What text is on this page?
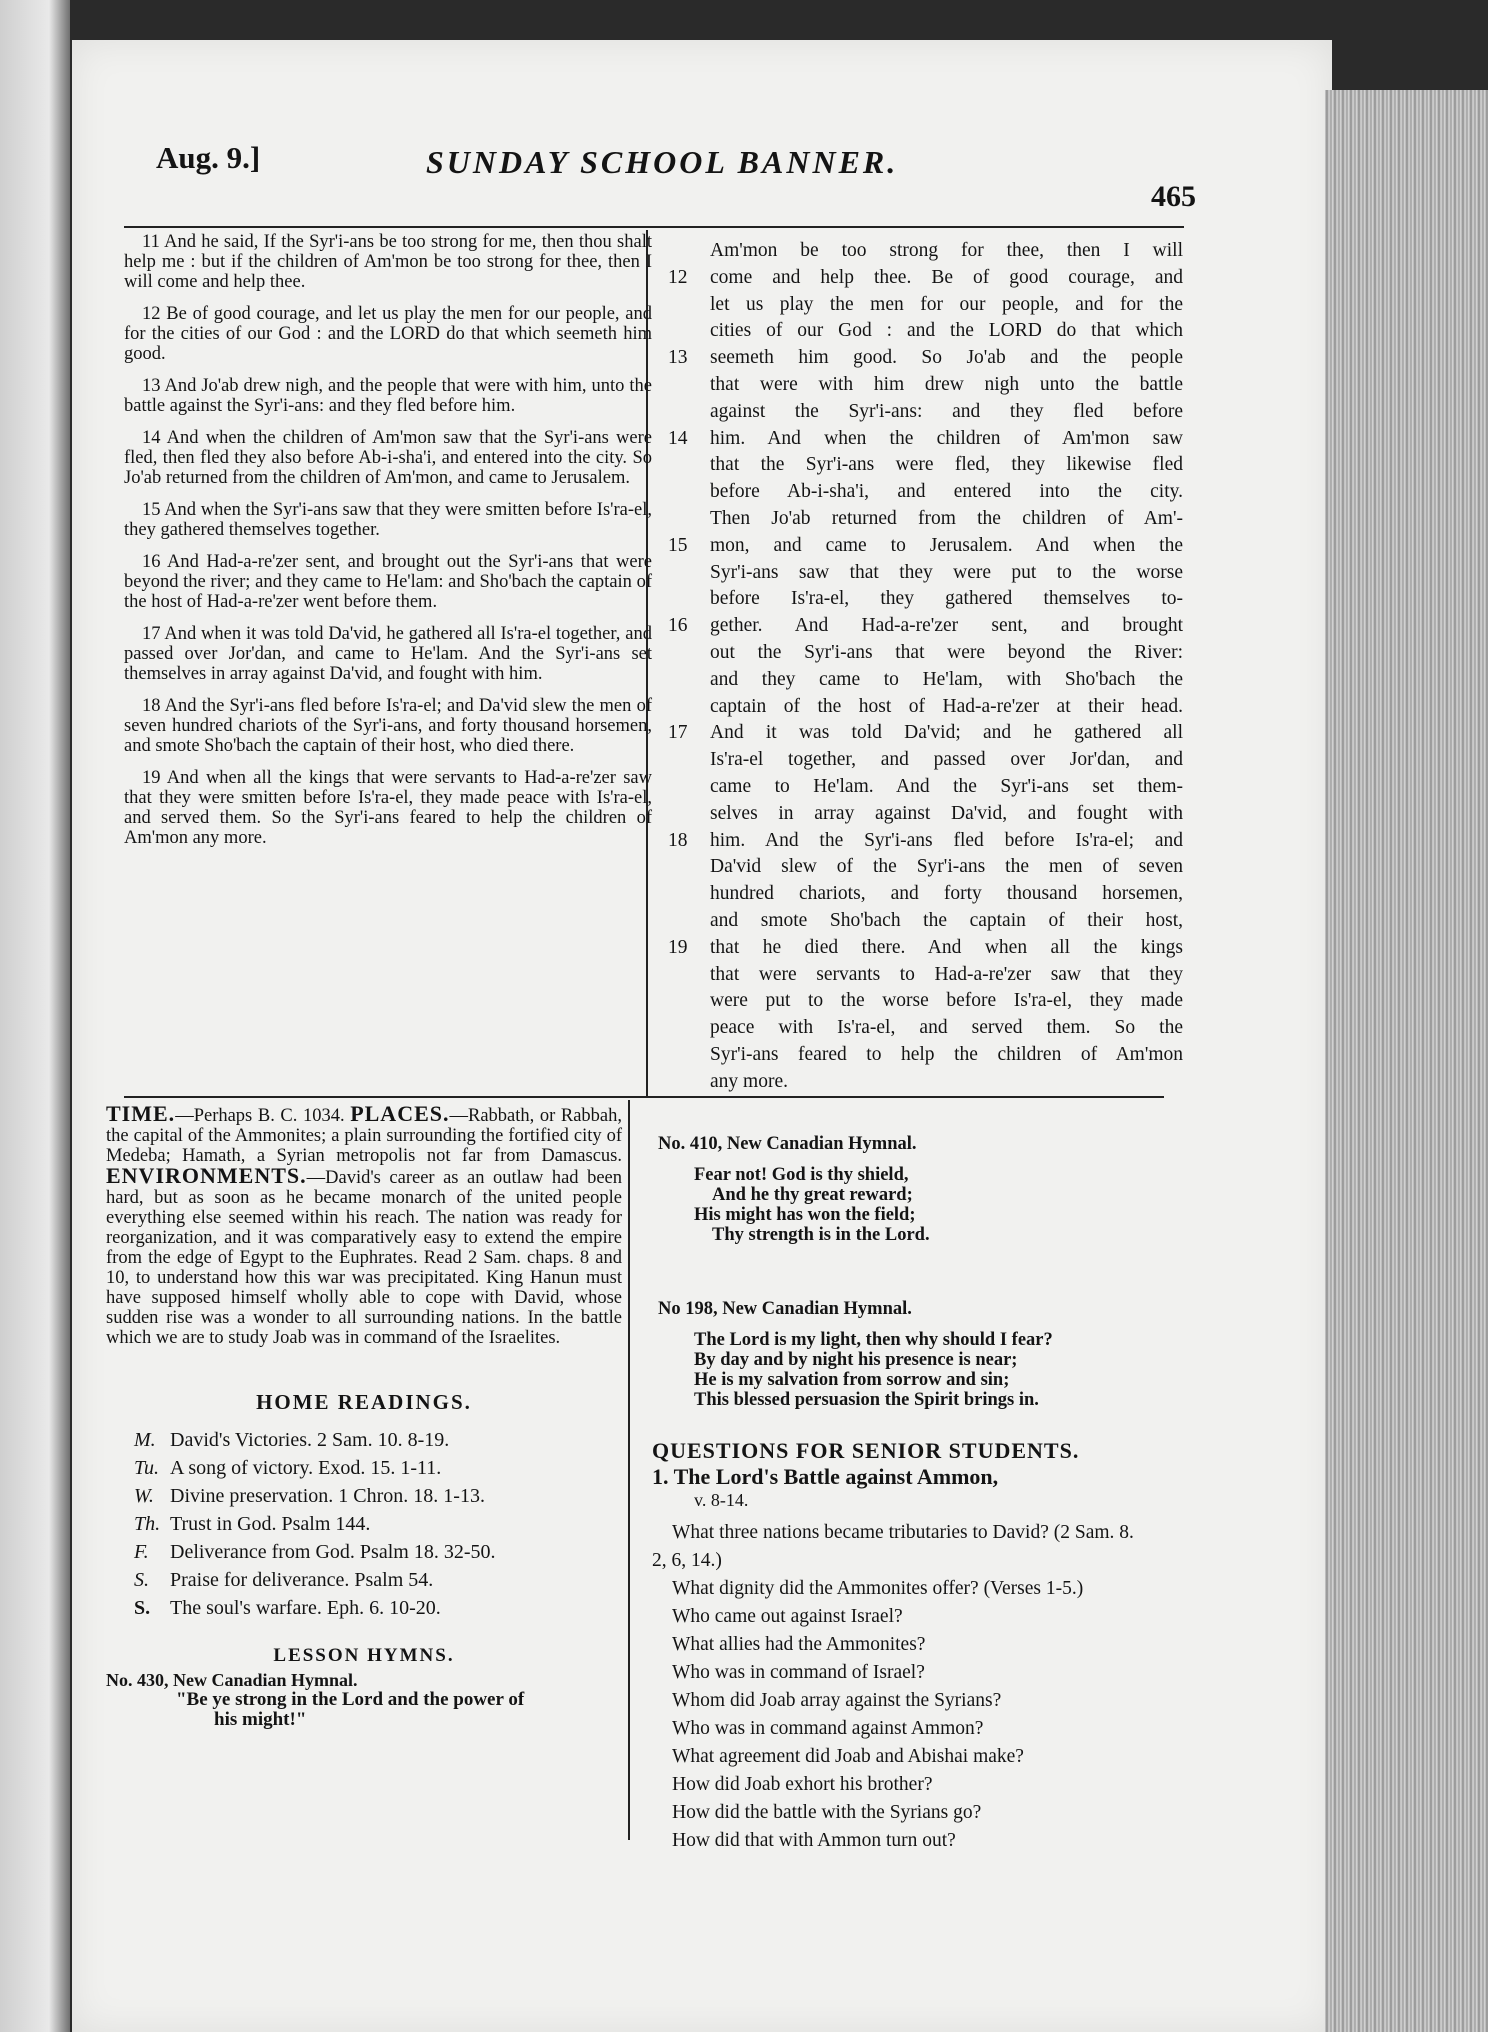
Aug. 9.]	SUNDAY SCHOOL BANNER.
465

11 And he said, If the Syr'i-ans be too strong for me, then thou shalt help me : but if the children of Am'mon be too strong for thee, then I will come and help thee.

12 Be of good courage, and let us play the men for our people, and for the cities of our God : and the LORD do that which seemeth him good.

13 And Jo'ab drew nigh, and the people that were with him, unto the battle against the Syr'i-ans: and they fled before him.

14 And when the children of Am'mon saw that the Syr'i-ans were fled, then fled they also before Ab-i-sha'i, and entered into the city. So Jo'ab returned from the children of Am'mon, and came to Jerusalem.

15 And when the Syr'i-ans saw that they were smitten before Is'ra-el, they gathered themselves together.

16 And Had-a-re'zer sent, and brought out the Syr'i-ans that were beyond the river; and they came to He'lam: and Sho'bach the captain of the host of Had-a-re'zer went before them.

17 And when it was told Da'vid, he gathered all Is'ra-el together, and passed over Jor'dan, and came to He'lam. And the Syr'i-ans set themselves in array against Da'vid, and fought with him.

18 And the Syr'i-ans fled before Is'ra-el; and Da'vid slew the men of seven hundred chariots of the Syr'i-ans, and forty thousand horsemen, and smote Sho'bach the captain of their host, who died there.

19 And when all the kings that were servants to Had-a-re'zer saw that they were smitten before Is'ra-el, they made peace with Is'ra-el, and served them. So the Syr'i-ans feared to help the children of Am'mon any more.

Am'mon be too strong for thee, then I will
12	come and help thee. Be of good courage, and
let us play the men for our people, and for the
cities of our God : and the LORD do that which
13	seemeth him good. So Jo'ab and the people
that were with him drew nigh unto the battle
against the Syr'i-ans: and they fled before
14	him. And when the children of Am'mon saw
that the Syr'i-ans were fled, they likewise fled
before Ab-i-sha'i, and entered into the city.
Then Jo'ab returned from the children of Am'-
15	mon, and came to Jerusalem. And when the
Syr'i-ans saw that they were put to the worse
before Is'ra-el, they gathered themselves to-
16	gether. And Had-a-re'zer sent, and brought
out the Syr'i-ans that were beyond the River:
and they came to He'lam, with Sho'bach the
captain of the host of Had-a-re'zer at their head.
17	And it was told Da'vid; and he gathered all
Is'ra-el together, and passed over Jor'dan, and
came to He'lam. And the Syr'i-ans set them-
selves in array against Da'vid, and fought with
18	him. And the Syr'i-ans fled before Is'ra-el; and
Da'vid slew of the Syr'i-ans the men of seven
hundred chariots, and forty thousand horsemen,
and smote Sho'bach the captain of their host,
19	that he died there. And when all the kings
that were servants to Had-a-re'zer saw that they
were put to the worse before Is'ra-el, they made
peace with Is'ra-el, and served them. So the
Syr'i-ans feared to help the children of Am'mon
any more.

TIME.—Perhaps B. C. 1034. PLACES.—Rabbath, or Rabbah, the capital of the Ammonites; a plain surrounding the fortified city of Medeba; Hamath, a Syrian metropolis not far from Damascus. ENVIRONMENTS.—David's career as an outlaw had been hard, but as soon as he became monarch of the united people everything else seemed within his reach. The nation was ready for reorganization, and it was comparatively easy to extend the empire from the edge of Egypt to the Euphrates. Read 2 Sam. chaps. 8 and 10, to understand how this war was precipitated. King Hanun must have supposed himself wholly able to cope with David, whose sudden rise was a wonder to all surrounding nations. In the battle which we are to study Joab was in command of the Israelites.

HOME READINGS.
M. David's Victories. 2 Sam. 10. 8-19.
Tu. A song of victory. Exod. 15. 1-11.
W. Divine preservation. 1 Chron. 18. 1-13.
Th. Trust in God. Psalm 144.
F.	Deliverance from God. Psalm 18. 32-50.
S.	Praise for deliverance. Psalm 54.
S. The soul's warfare. Eph. 6. 10-20.
LESSON HYMNS.
No. 430, New Canadian Hymnal.
"Be ye strong in the Lord and the power of
his might!"
No. 410, New Canadian Hymnal.
Fear not! God is thy shield,
And he thy great reward;
His might has won the field;
Thy strength is in the Lord.
No 198, New Canadian Hymnal.
The Lord is my light, then why should I fear?
By day and by night his presence is near;
He is my salvation from sorrow and sin;
This blessed persuasion the Spirit brings in.
QUESTIONS FOR SENIOR STUDENTS.
1. The Lord's Battle against Ammon,
v. 8-14.
What three nations became tributaries to David? (2 Sam. 8. 2, 6, 14.)
What dignity did the Ammonites offer? (Verses 1-5.)
Who came out against Israel?
What allies had the Ammonites?
Who was in command of Israel?
Whom did Joab array against the Syrians?
Who was in command against Ammon?
What agreement did Joab and Abishai make?
How did Joab exhort his brother?
How did the battle with the Syrians go?
How did that with Ammon turn out?
